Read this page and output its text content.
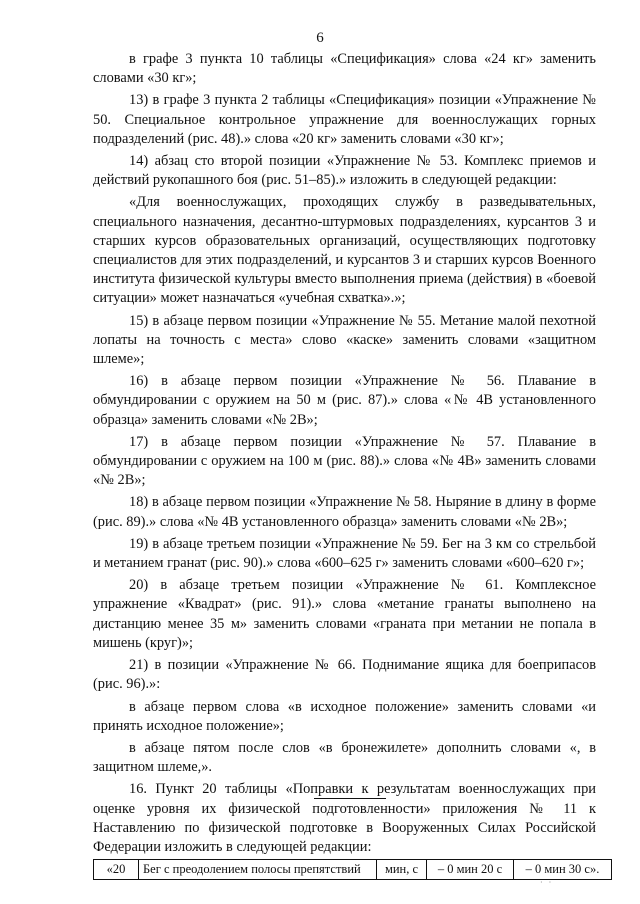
6

в графе 3 пункта 10 таблицы «Спецификация» слова «24 кг» заменить словами «30 кг»;

13) в графе 3 пункта 2 таблицы «Спецификация» позиции «Упражнение № 50. Специальное контрольное упражнение для военнослужащих горных подразделений (рис. 48).» слова «20 кг» заменить словами «30 кг»;

14) абзац сто второй позиции «Упражнение № 53. Комплекс приемов и действий рукопашного боя (рис. 51–85).» изложить в следующей редакции:

«Для военнослужащих, проходящих службу в разведывательных, специального назначения, десантно-штурмовых подразделениях, курсантов 3 и старших курсов образовательных организаций, осуществляющих подготовку специалистов для этих подразделений, и курсантов 3 и старших курсов Военного института физической культуры вместо выполнения приема (действия) в «боевой ситуации» может назначаться «учебная схватка».»;

15) в абзаце первом позиции «Упражнение № 55. Метание малой пехотной лопаты на точность с места» слово «каске» заменить словами «защитном шлеме»;

16) в абзаце первом позиции «Упражнение № 56. Плавание в обмундировании с оружием на 50 м (рис. 87).» слова «№ 4В установленного образца» заменить словами «№ 2В»;

17) в абзаце первом позиции «Упражнение № 57. Плавание в обмундировании с оружием на 100 м (рис. 88).» слова «№ 4В» заменить словами «№ 2В»;

18) в абзаце первом позиции «Упражнение № 58. Ныряние в длину в форме (рис. 89).» слова «№ 4В установленного образца» заменить словами «№ 2В»;

19) в абзаце третьем позиции «Упражнение № 59. Бег на 3 км со стрельбой и метанием гранат (рис. 90).» слова «600–625 г» заменить словами «600–620 г»;

20) в абзаце третьем позиции «Упражнение № 61. Комплексное упражнение «Квадрат» (рис. 91).» слова «метание гранаты выполнено на дистанцию менее 35 м» заменить словами «граната при метании не попала в мишень (круг)»;

21) в позиции «Упражнение № 66. Поднимание ящика для боеприпасов (рис. 96).»:

в абзаце первом слова «в исходное положение» заменить словами «и принять исходное положение»;

в абзаце пятом после слов «в бронежилете» дополнить словами «, в защитном шлеме,».

16. Пункт 20 таблицы «Поправки к результатам военнослужащих при оценке уровня их физической подготовленности» приложения № 11 к Наставлению по физической подготовке в Вооруженных Силах Российской Федерации изложить в следующей редакции:

«20	Бег с преодолением полосы препятствий	мин, с	– 0 мин 20 с	– 0 мин 30 с».
· ·
